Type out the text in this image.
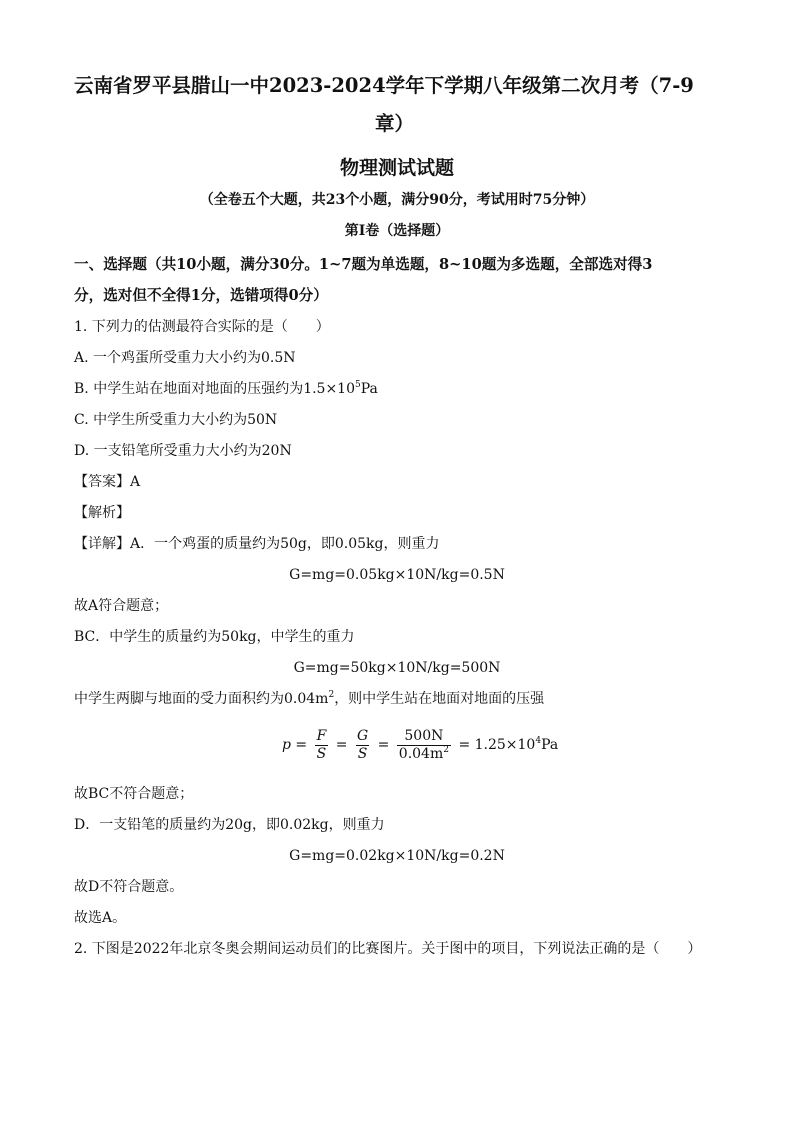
云南省罗平县腊山一中2023-2024学年下学期八年级第二次月考（7-9
章）
物理测试试题
（全卷五个大题，共23个小题，满分90分，考试用时75分钟）
第Ⅰ卷（选择题）
一、选择题（共10小题，满分30分。1~7题为单选题，8~10题为多选题，全部选对得3
分，选对但不全得1分，选错项得0分）
1. 下列力的估测最符合实际的是（　　）
A. 一个鸡蛋所受重力大小约为0.5N
B. 中学生站在地面对地面的压强约为$1.5\times 10^5Pa$
C. 中学生所受重力大小约为50N
D. 一支铅笔所受重力大小约为20N
【答案】A
【解析】
【详解】A．一个鸡蛋的质量约为50g，即0.05kg，则重力
G=mg=0.05kg×10N/kg=0.5N
故A符合题意；
BC．中学生的质量约为50kg，中学生的重力
G=mg=50kg×10N/kg=500N
中学生两脚与地面的受力面积约为$0.04m^2$，则中学生站在地面对地面的压强
$p = \frac{F}{S} = \frac{G}{S} = \frac{500N}{0.04m^2} = 1.25\times 10^4Pa$
故BC不符合题意；
D．一支铅笔的质量约为20g，即0.02kg，则重力
G=mg=0.02kg×10N/kg=0.2N
故D不符合题意。
故选A。
2. 下图是2022年北京冬奥会期间运动员们的比赛图片。关于图中的项目，下列说法正确的是（　　）
